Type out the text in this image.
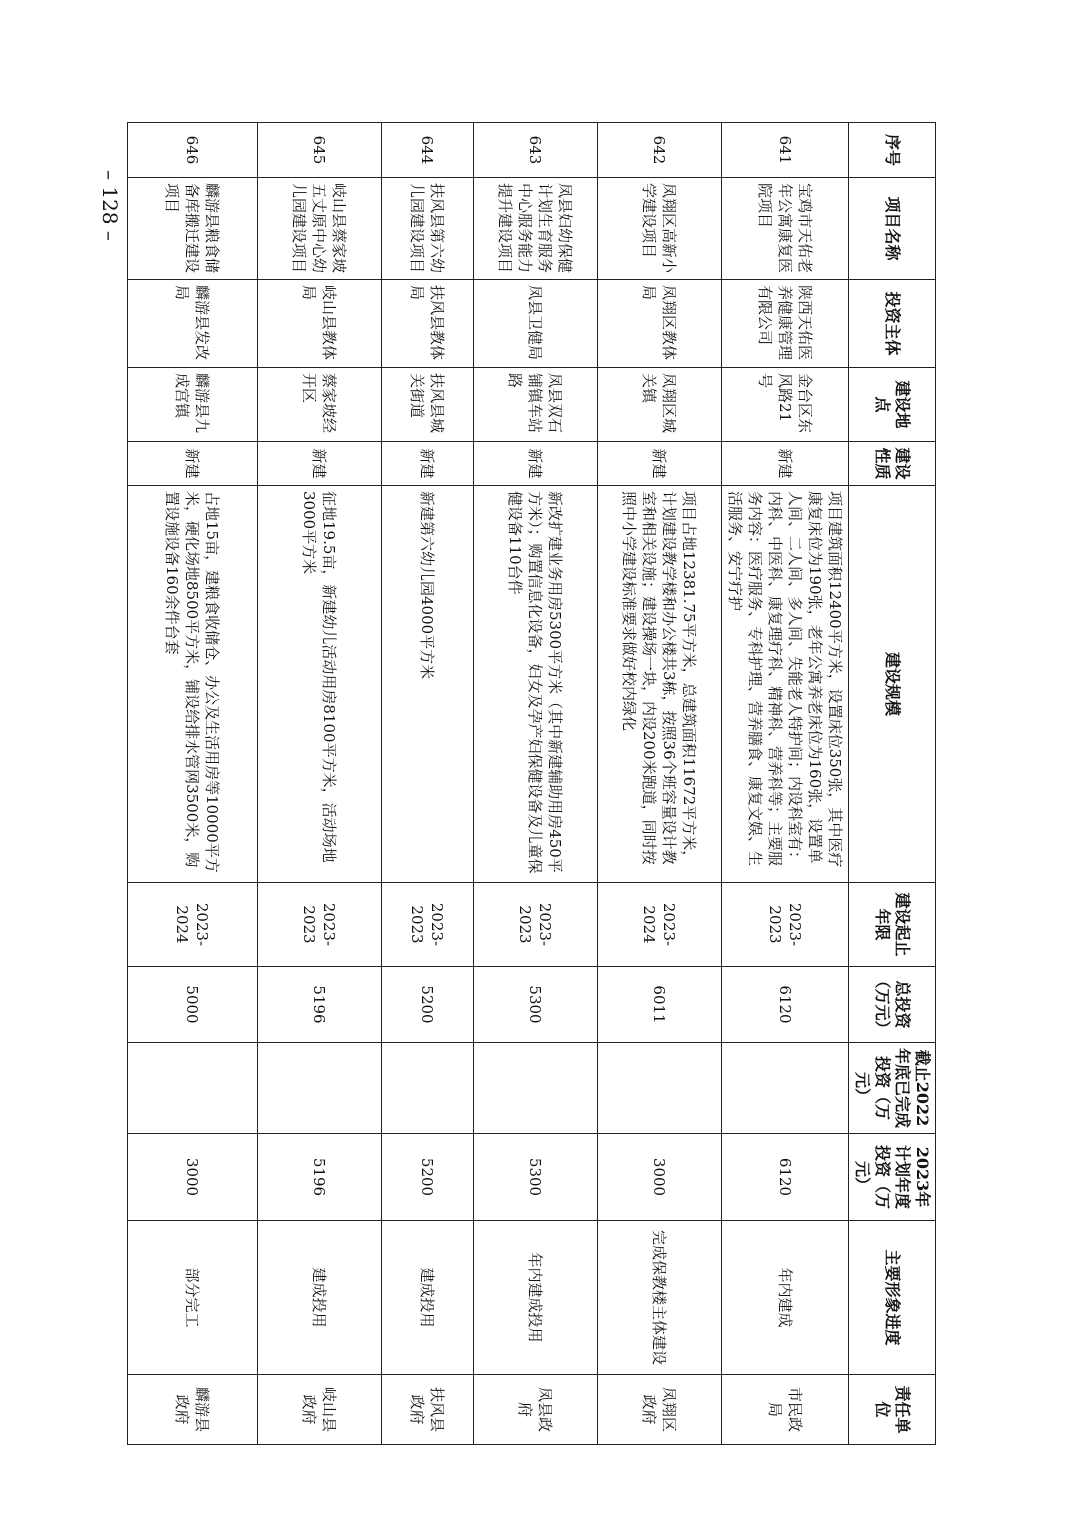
– 128 –
序号	项目名称	投资主体	建设地点	建设性质	建设规模	建设起止年限	总投资（万元）	截止2022年底已完成投资（万元）	2023年计划年度投资（万元）	主要形象进度	责任单位
641	宝鸡市天佑老年公寓康复医院项目	陕西天佑医养健康管理有限公司	金台区东风路21号	新建	项目建筑面积12400平方米，设置床位350张，其中医疗康复床位为190张，老年公寓养老床位为160张，设置单人间、二人间、多人间、失能老人特护间；内设科室有：内科、中医科、康复理疗科、精神科、营养科等；主要服务内容：医疗服务、专科护理、营养膳食、康复文娱、生活服务、安宁疗护	2023-2023	6120		6120	年内建成	市民政局
642	凤翔区高新小学建设项目	凤翔区教体局	凤翔区城关镇	新建	项目占地12381.75平方米，总建筑面积11672平方米，计划建设教学楼和办公楼共3栋，按照36个班容量设计教室和相关设施；建设操场一块，内设200米跑道，同时按照中小学建设标准要求做好校内绿化	2023-2024	6011		3000	完成保教楼主体建设	凤翔区政府
643	凤县妇幼保健计划生育服务中心服务能力提升建设项目	凤县卫健局	凤县双石铺镇车站路	新建	新改扩建业务用房5300平方米（其中新建辅助用房450平方米）；购置信息化设备，妇女及孕产妇保健设备及儿童保健设备110台件	2023-2023	5300		5300	年内建成投用	凤县政府
644	扶风县第六幼儿园建设项目	扶风县教体局	扶风县城关街道	新建	新建第六幼儿园4000平方米	2023-2023	5200		5200	建成投用	扶风县政府
645	岐山县蔡家坡五丈原中心幼儿园建设项目	岐山县教体局	蔡家坡经开区	新建	征地19.5亩，新建幼儿活动用房8100平方米，活动场地3000平方米	2023-2023	5196		5196	建成投用	岐山县政府
646	麟游县粮食储备库搬迁建设项目	麟游县发改局	麟游县九成宫镇	新建	占地15亩，建粮食收储仓、办公及生活用房等10000平方米，硬化场地8500平方米，铺设给排水管网3500米，购置设施设备160余件台套	2023-2024	5000		3000	部分完工	麟游县政府
